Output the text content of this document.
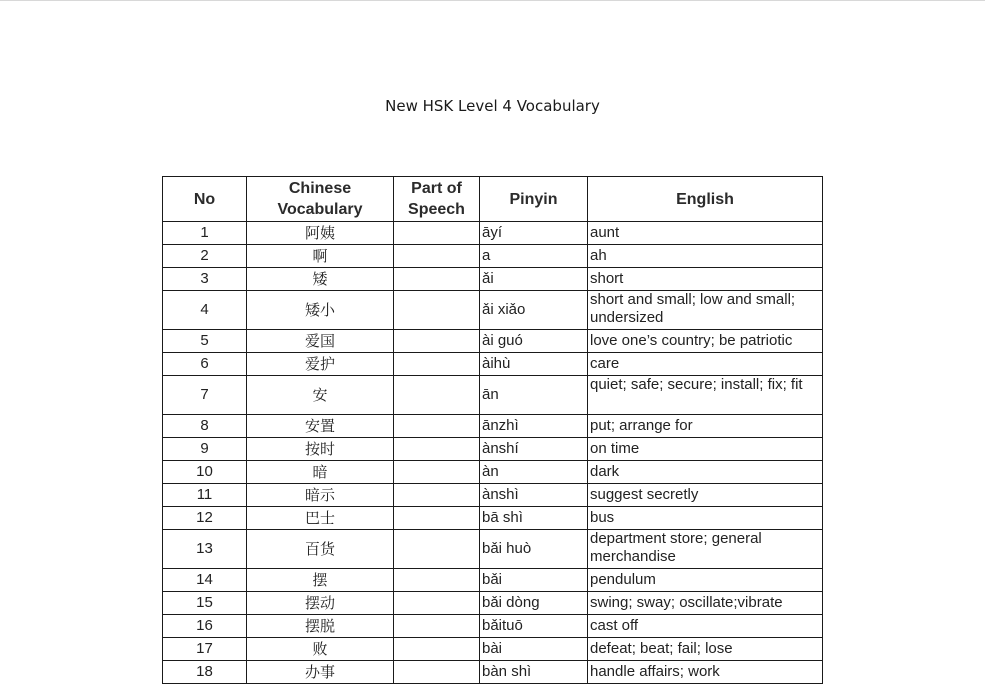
New HSK Level 4 Vocabulary
No	Chinese Vocabulary	Part of Speech	Pinyin	English
1	阿姨		āyí	aunt
2	啊		a	ah
3	矮		ǎi	short
4	矮小		ǎi xiǎo	short and small; low and small; undersized
5	爱国		ài guó	love one’s country; be patriotic
6	爱护		àihù	care
7	安		ān	quiet; safe; secure; install; fix; fit
8	安置		ānzhì	put; arrange for
9	按时		ànshí	on time
10	暗		àn	dark
11	暗示		ànshì	suggest secretly
12	巴士		bā shì	bus
13	百货		bǎi huò	department store; general merchandise
14	摆		bǎi	pendulum
15	摆动		bǎi dòng	swing; sway; oscillate;vibrate
16	摆脱		bǎituō	cast off
17	败		bài	defeat; beat; fail; lose
18	办事		bàn shì	handle affairs; work
